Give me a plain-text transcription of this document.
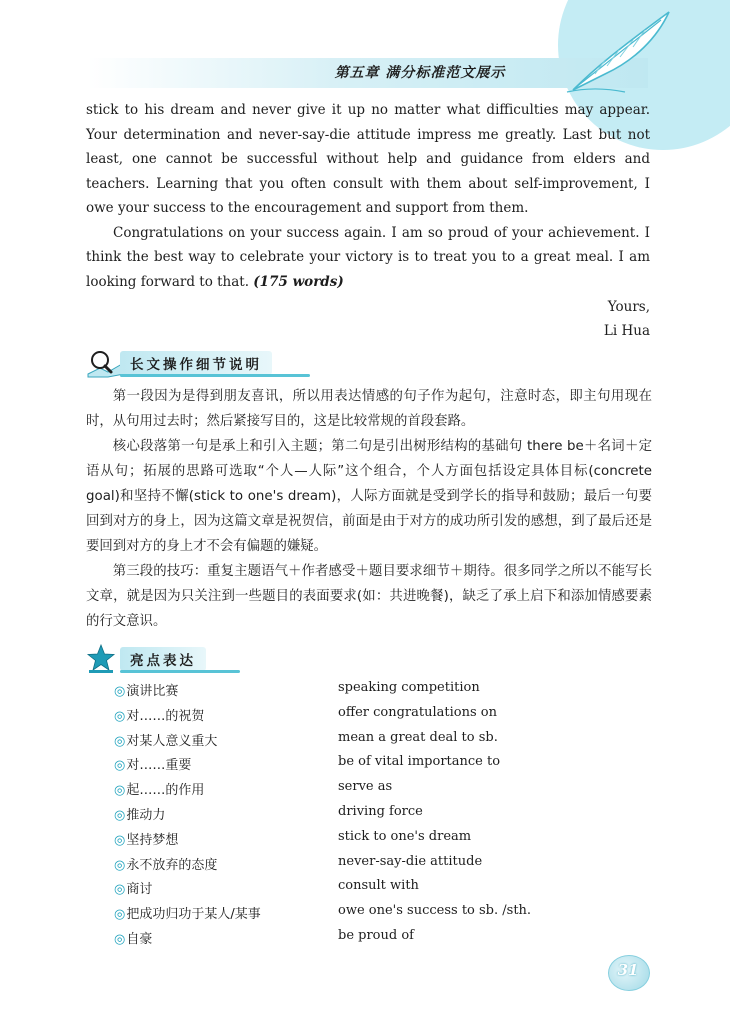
第五章 满分标准范文展示

stick to his dream and never give it up no matter what difficulties may appear. Your determination and never-say-die attitude impress me greatly. Last but not least, one cannot be successful without help and guidance from elders and teachers. Learning that you often consult with them about self-improvement, I owe your success to the encouragement and support from them.

Congratulations on your success again. I am so proud of your achievement. I think the best way to celebrate your victory is to treat you to a great meal. I am looking forward to that. (175 words)

Yours,
Li Hua
长文操作细节说明

第一段因为是得到朋友喜讯，所以用表达情感的句子作为起句，注意时态，即主句用现在时，从句用过去时；然后紧接写目的，这是比较常规的首段套路。

核心段落第一句是承上和引入主题；第二句是引出树形结构的基础句 there be＋名词＋定语从句；拓展的思路可选取“个人—人际”这个组合，个人方面包括设定具体目标(concrete goal)和坚持不懈(stick to one's dream)，人际方面就是受到学长的指导和鼓励；最后一句要回到对方的身上，因为这篇文章是祝贺信，前面是由于对方的成功所引发的感想，到了最后还是要回到对方的身上才不会有偏题的嫌疑。

第三段的技巧：重复主题语气＋作者感受＋题目要求细节＋期待。很多同学之所以不能写长文章，就是因为只关注到一些题目的表面要求(如：共进晚餐)，缺乏了承上启下和添加情感要素的行文意识。

亮点表达
◎演讲比赛	speaking competition
◎对……的祝贺	offer congratulations on
◎对某人意义重大	mean a great deal to sb.
◎对……重要	be of vital importance to
◎起……的作用	serve as
◎推动力	driving force
◎坚持梦想	stick to one's dream
◎永不放弃的态度	never-say-die attitude
◎商讨	consult with
◎把成功归功于某人/某事	owe one's success to sb. /sth.
◎自豪	be proud of
31
